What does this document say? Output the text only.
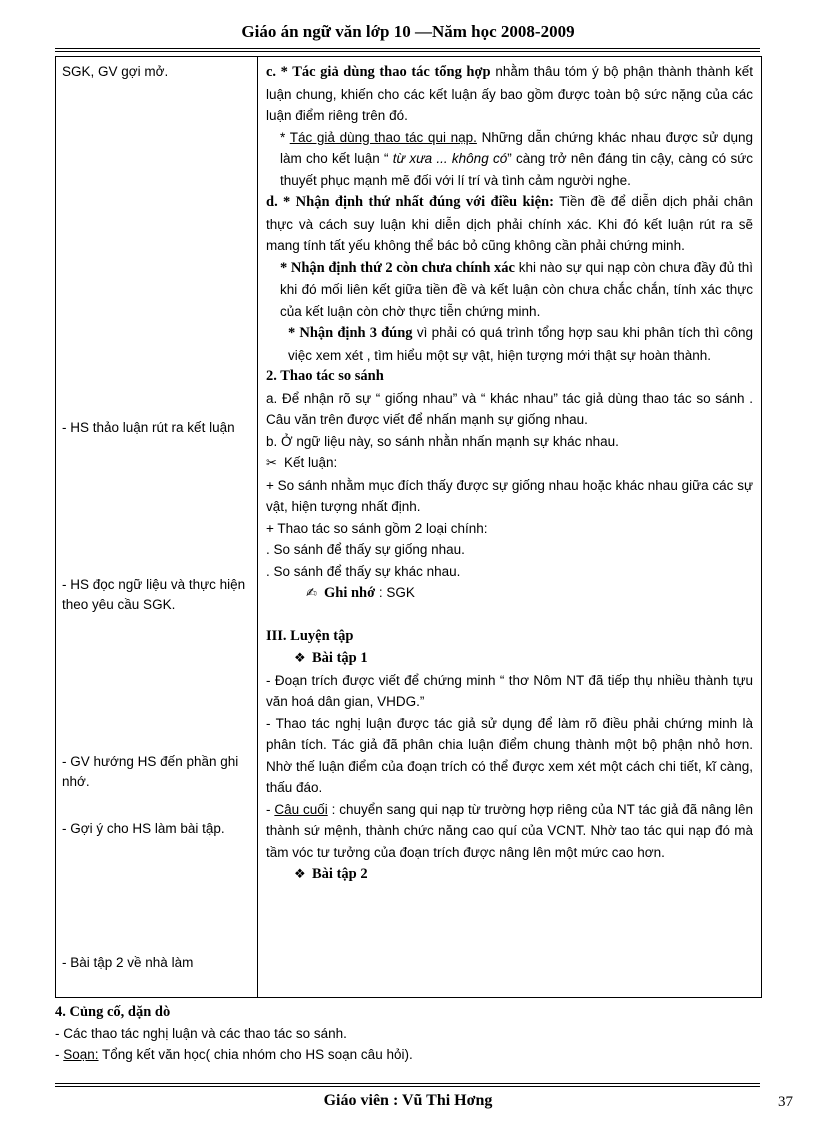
Giáo án ngữ văn lớp 10 —Năm học 2008-2009
SGK, GV gợi mở.
- HS thảo luận rút ra kết luận
- HS đọc ngữ liệu và thực hiện theo yêu cầu SGK.
- GV hướng HS đến phần ghi nhớ.
- Gợi ý cho HS làm bài tập.
- Bài tập 2 về nhà làm

c. * Tác giả dùng thao tác tổng hợp nhằm thâu tóm ý bộ phận thành thành kết luận chung, khiến cho các kết luận ấy bao gồm được toàn bộ sức nặng của các luận điểm riêng trên đó.

* Tác giả dùng thao tác qui nạp. Những dẫn chứng khác nhau được sử dụng làm cho kết luận “ từ xưa ... không có” càng trở nên đáng tin cậy, càng có sức thuyết phục mạnh mẽ đối với lí trí và tình cảm người nghe.

d. * Nhận định thứ nhất đúng với điều kiện: Tiền đề để diễn dịch phải chân thực và cách suy luận khi diễn dịch phải chính xác. Khi đó kết luận rút ra sẽ mang tính tất yếu không thể bác bỏ cũng không cần phải chứng minh.

* Nhận định thứ 2 còn chưa chính xác khi nào sự qui nạp còn chưa đầy đủ thì khi đó mối liên kết giữa tiền đề và kết luận còn chưa chắc chắn, tính xác thực của kết luận còn chờ thực tiễn chứng minh.

* Nhận định 3 đúng vì phải có quá trình tổng hợp sau khi phân tích thì công việc xem xét , tìm hiểu một sự vật, hiện tượng mới thật sự hoàn thành.

2. Thao tác so sánh

a. Để nhận rõ sự “ giống nhau” và “ khác nhau” tác giả dùng thao tác so sánh . Câu văn trên được viết để nhấn mạnh sự giống nhau.

b. Ở ngữ liệu này, so sánh nhằn nhấn mạnh sự khác nhau.

✂ Kết luận:

+ So sánh nhằm mục đích thấy được sự giống nhau hoặc khác nhau giữa các sự vật, hiện tượng nhất định.

+ Thao tác so sánh gồm 2 loại chính:

. So sánh để thấy sự giống nhau.

. So sánh để thấy sự khác nhau.

✍ Ghi nhớ : SGK

III. Luyện tập

❖ Bài tập 1

- Đoạn trích được viết để chứng minh “ thơ Nôm NT đã tiếp thụ nhiều thành tựu văn hoá dân gian, VHDG.”

- Thao tác nghị luận được tác giả sử dụng để làm rõ điều phải chứng minh là phân tích. Tác giả đã phân chia luận điểm chung thành một bộ phận nhỏ hơn. Nhờ thế luận điểm của đoạn trích có thể được xem xét một cách chi tiết, kĩ càng, thấu đáo.

- Câu cuối : chuyển sang qui nạp từ trường hợp riêng của NT tác giả đã nâng lên thành sứ mệnh, thành chức năng cao quí của VCNT. Nhờ tao tác qui nạp đó mà tầm vóc tư tưởng của đoạn trích được nâng lên một mức cao hơn.

❖ Bài tập 2

4. Củng cố, dặn dò
- Các thao tác nghị luận và các thao tác so sánh.
- Soạn: Tổng kết văn học( chia nhóm cho HS soạn câu hỏi).
Giáo viên : Vũ Thi Hơng	37
